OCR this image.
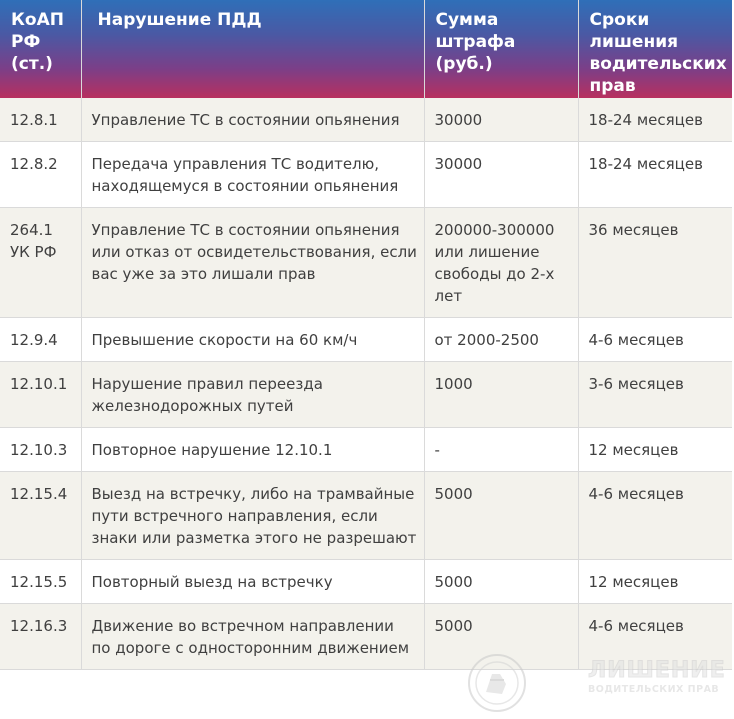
КоАП РФ (ст.)	Нарушение ПДД	Сумма штрафа (руб.)	Сроки лишения водительских прав
12.8.1	Управление ТС в состоянии опьянения	30000	18-24 месяцев
12.8.2	Передача управления ТС водителю, находящемуся в состоянии опьянения	30000	18-24 месяцев
264.1 УК РФ	Управление ТС в состоянии опьянения или отказ от освидетельствования, если вас уже за это лишали прав	200000-300000 или лишение свободы до 2-х лет	36 месяцев
12.9.4	Превышение скорости на 60 км/ч	от 2000-2500	4-6 месяцев
12.10.1	Нарушение правил переезда железнодорожных путей	1000	3-6 месяцев
12.10.3	Повторное нарушение 12.10.1	-	12 месяцев
12.15.4	Выезд на встречку, либо на трамвайные пути встречного направления, если знаки или разметка этого не разрешают	5000	4-6 месяцев
12.15.5	Повторный выезд на встречку	5000	12 месяцев
12.16.3	Движение во встречном направлении по дороге с односторонним движением	5000	4-6 месяцев
ЛИШЕНИЕ
ВОДИТЕЛЬСКИХ ПРАВ
